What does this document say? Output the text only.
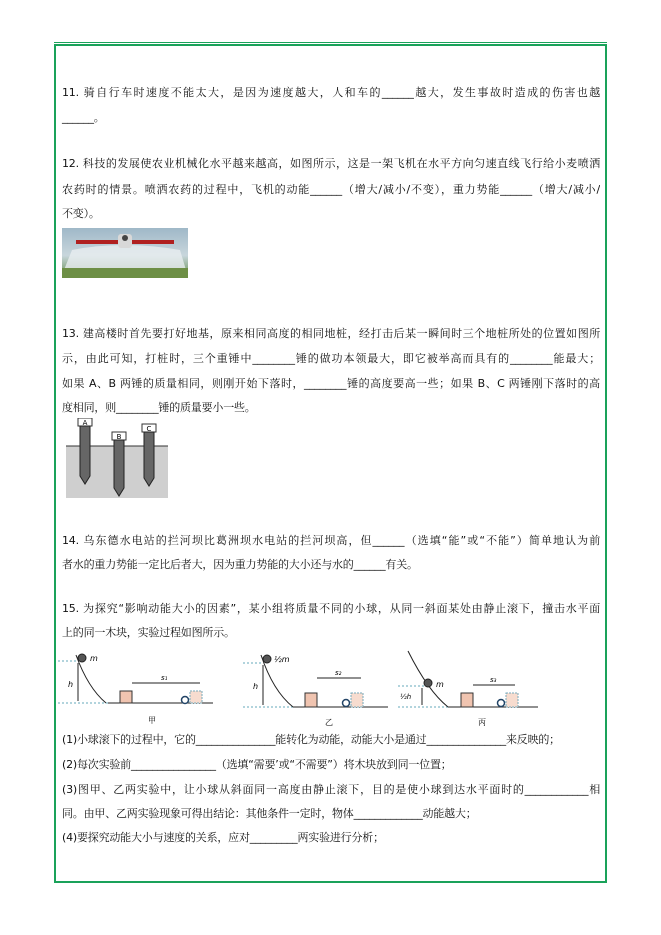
11. 骑自行车时速度不能太大，是因为速度越大，人和车的______越大，发生事故时造成的伤害也越
______。
12. 科技的发展使农业机械化水平越来越高，如图所示，这是一架飞机在水平方向匀速直线飞行给小麦喷洒
农药时的情景。喷洒农药的过程中，飞机的动能______（增大/减小/不变），重力势能______（增大/减小/
不变）。
13. 建高楼时首先要打好地基，原来相同高度的相同地桩，经打击后某一瞬间时三个地桩所处的位置如图所
示，由此可知，打桩时，三个重锤中________锤的做功本领最大，即它被举高而具有的________能最大；
如果 A、B 两锤的质量相同，则刚开始下落时，________锤的高度要高一些；如果 B、C 两锤刚下落时的高
度相同，则________锤的质量要小一些。
A
B
C
14. 乌东德水电站的拦河坝比葛洲坝水电站的拦河坝高，但______（选填“能”或“不能”）简单地认为前
者水的重力势能一定比后者大，因为重力势能的大小还与水的______有关。
15. 为探究“影响动能大小的因素”，某小组将质量不同的小球，从同一斜面某处由静止滚下，撞击水平面
上的同一木块，实验过程如图所示。
m
h
s₁
甲
½m
h
s₂
乙
m
½h
s₃
丙
(1)小球滚下的过程中，它的_______________能转化为动能，动能大小是通过_______________来反映的；
(2)每次实验前________________（选填“需要’或“不需要”）将木块放到同一位置；
(3)图甲、乙两实验中，让小球从斜面同一高度由静止滚下，目的是使小球到达水平面时的____________相
同。由甲、乙两实验现象可得出结论：其他条件一定时，物体_____________动能越大；
(4)要探究动能大小与速度的关系，应对_________两实验进行分析；
